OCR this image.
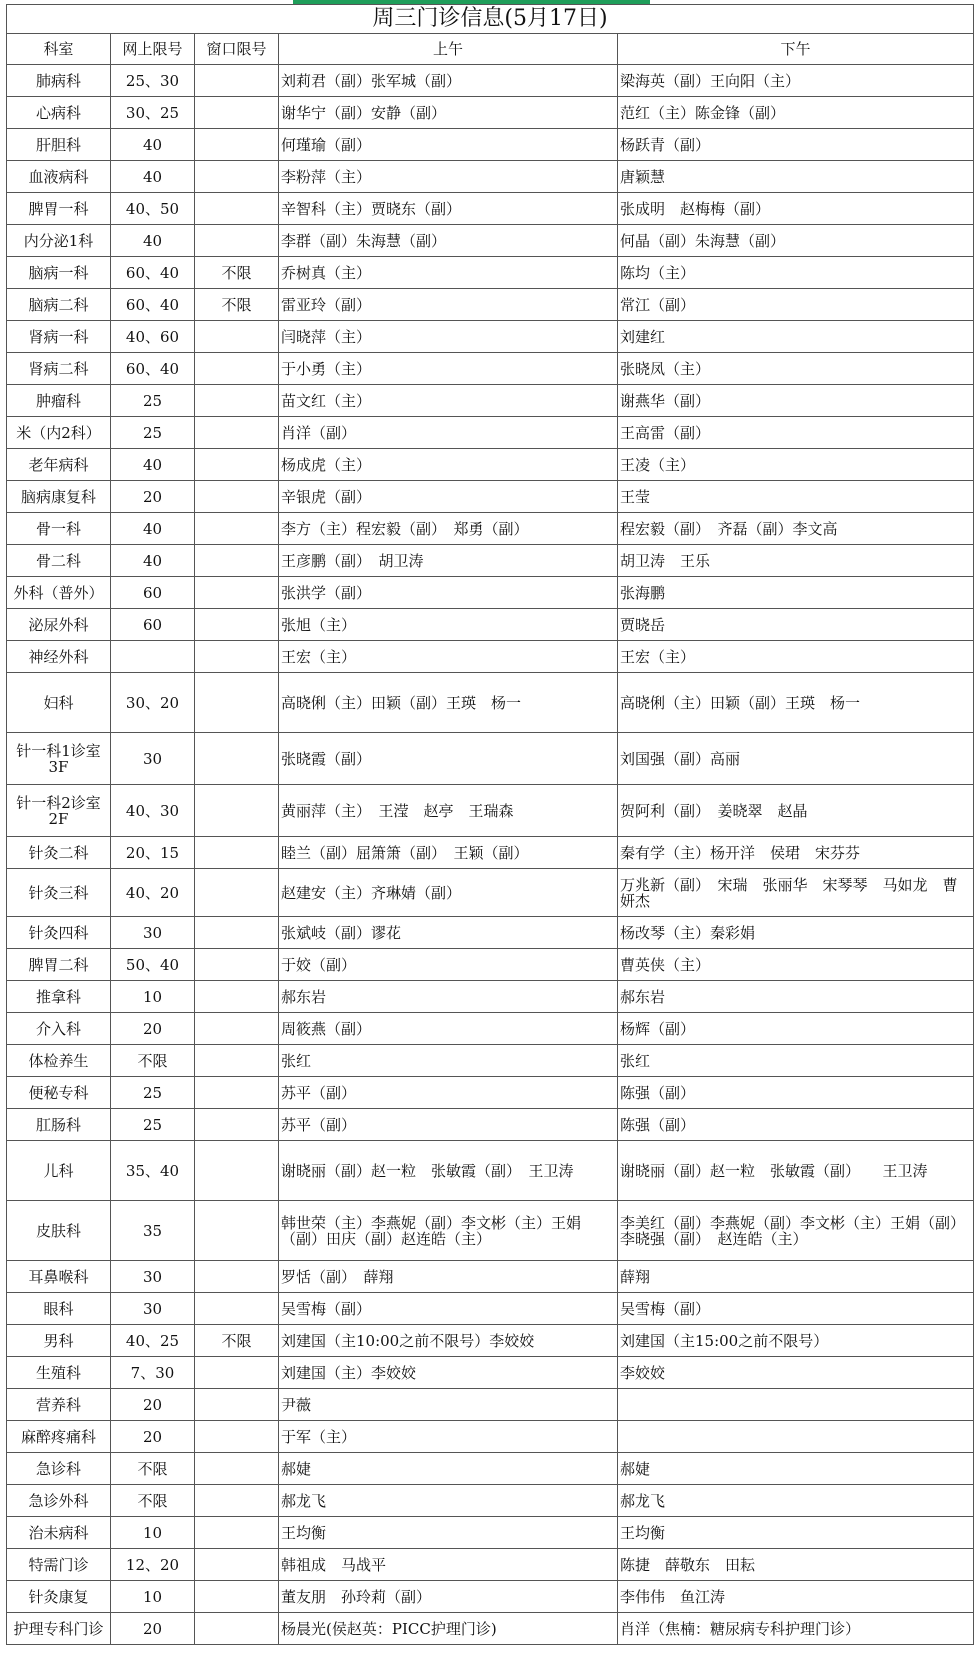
周三门诊信息(5月17日)				
科室	网上限号	窗口限号	上午	下午
肺病科	25、30		刘莉君（副）张军城（副）	梁海英（副）王向阳（主）
心病科	30、25		谢华宁（副）安静（副）	范红（主）陈金锋（副）
肝胆科	40		何瑾瑜（副）	杨跃青（副）
血液病科	40		李粉萍（主）	唐颖慧
脾胃一科	40、50		辛智科（主）贾晓东（副）	张成明　赵梅梅（副）
内分泌1科	40		李群（副）朱海慧（副）	何晶（副）朱海慧（副）
脑病一科	60、40	不限	乔树真（主）	陈均（主）
脑病二科	60、40	不限	雷亚玲（副）	常江（副）
肾病一科	40、60		闫晓萍（主）	刘建红
肾病二科	60、40		于小勇（主）	张晓凤（主）
肿瘤科	25		苗文红（主）	谢燕华（副）
米（内2科）	25		肖洋（副）	王高雷（副）
老年病科	40		杨成虎（主）	王凌（主）
脑病康复科	20		辛银虎（副）	王莹
骨一科	40		李方（主）程宏毅（副）　郑勇（副）	程宏毅（副）　齐磊（副）李文高
骨二科	40		王彦鹏（副）　胡卫涛	胡卫涛　王乐
外科（普外）	60		张洪学（副）	张海鹏
泌尿外科	60		张旭（主）	贾晓岳
神经外科			王宏（主）	王宏（主）
妇科	30、20		高晓俐（主）田颖（副）王瑛　杨一	高晓俐（主）田颖（副）王瑛　杨一
针一科1诊室3F	30		张晓霞（副）	刘国强（副）高丽
针一科2诊室2F	40、30		黄丽萍（主）　王滢　赵亭　王瑞森	贺阿利（副）　姜晓翠　赵晶
针灸二科	20、15		睦兰（副）屈箫箫（副）　王颖（副）	秦有学（主）杨开洋　侯珺　宋芬芬
针灸三科	40、20		赵建安（主）齐琳婧（副）	万兆新（副）　宋瑞　张丽华　宋琴琴　马如龙　曹妍杰
针灸四科	30		张斌岐（副）谬花	杨改琴（主）秦彩娟
脾胃二科	50、40		于姣（副）	曹英侠（主）
推拿科	10		郝东岩	郝东岩
介入科	20		周筱燕（副）	杨辉（副）
体检养生	不限		张红	张红
便秘专科	25		苏平（副）	陈强（副）
肛肠科	25		苏平（副）	陈强（副）
儿科	35、40		谢晓丽（副）赵一粒　张敏霞（副）　王卫涛	谢晓丽（副）赵一粒　张敏霞（副）　　王卫涛
皮肤科	35		韩世荣（主）李燕妮（副）李文彬（主）王娟（副）田庆（副）赵连皓（主）	李美红（副）李燕妮（副）李文彬（主）王娟（副）李晓强（副）　赵连皓（主）
耳鼻喉科	30		罗恬（副）　薛翔	薛翔
眼科	30		吴雪梅（副）	吴雪梅（副）
男科	40、25	不限	刘建国（主10:00之前不限号）李姣姣	刘建国（主15:00之前不限号）
生殖科	7、30		刘建国（主）李姣姣	李姣姣
营养科	20		尹薇	
麻醉疼痛科	20		于军（主）	
急诊科	不限		郝婕	郝婕
急诊外科	不限		郝龙飞	郝龙飞
治未病科	10		王均衡	王均衡
特需门诊	12、20		韩祖成　马战平	陈捷　薛敬东　田耘
针灸康复	10		董友朋　孙玲莉（副）	李伟伟　鱼江涛
护理专科门诊	20		杨晨光(侯赵英：PICC护理门诊)	肖洋（焦楠：糖尿病专科护理门诊）
